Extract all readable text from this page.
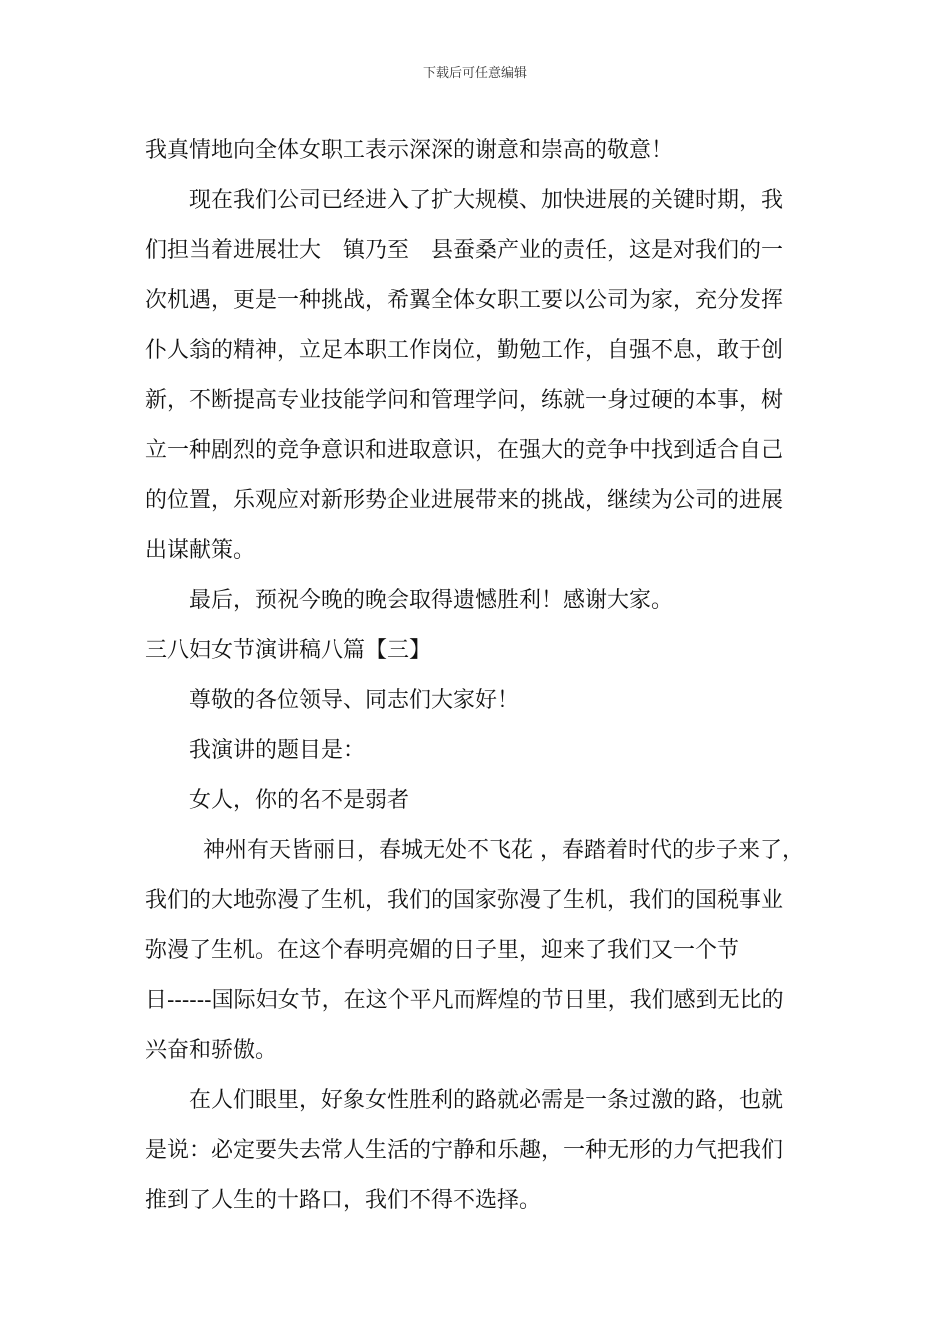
下载后可任意编辑
我真情地向全体女职工表示深深的谢意和崇高的敬意！
现在我们公司已经进入了扩大规模、加快进展的关键时期，我
们担当着进展壮大 镇乃至 县蚕桑产业的责任，这是对我们的一
次机遇，更是一种挑战，希翼全体女职工要以公司为家，充分发挥
仆人翁的精神，立足本职工作岗位，勤勉工作，自强不息，敢于创
新，不断提高专业技能学问和管理学问，练就一身过硬的本事，树
立一种剧烈的竞争意识和进取意识，在强大的竞争中找到适合自己
的位置，乐观应对新形势企业进展带来的挑战，继续为公司的进展
出谋献策。
最后，预祝今晚的晚会取得遗憾胜利！感谢大家。
三八妇女节演讲稿八篇【三】
尊敬的各位领导、同志们大家好！
我演讲的题目是：
女人，你的名不是弱者
神州有天皆丽日，春城无处不飞花 ，春踏着时代的步子来了，
我们的大地弥漫了生机，我们的国家弥漫了生机，我们的国税事业
弥漫了生机。在这个春明亮媚的日子里，迎来了我们又一个节
日------国际妇女节，在这个平凡而辉煌的节日里，我们感到无比的
兴奋和骄傲。
在人们眼里，好象女性胜利的路就必需是一条过激的路，也就
是说：必定要失去常人生活的宁静和乐趣，一种无形的力气把我们
推到了人生的十路口，我们不得不选择。
